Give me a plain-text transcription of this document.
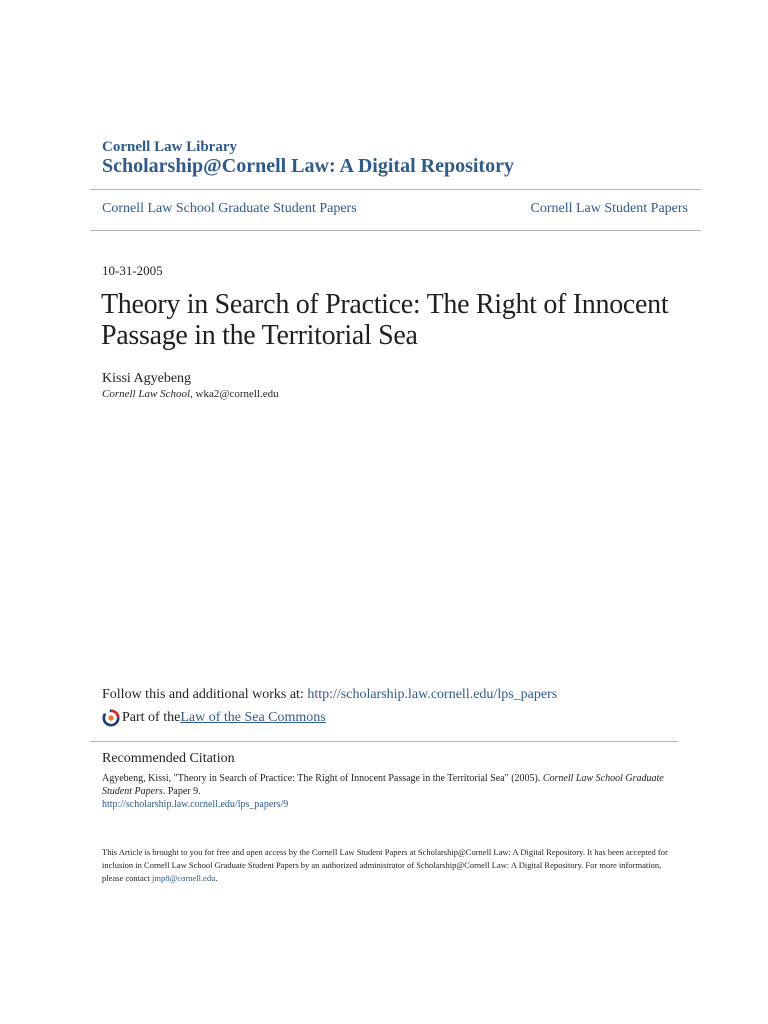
Cornell Law Library
Scholarship@Cornell Law: A Digital Repository
Cornell Law School Graduate Student Papers	Cornell Law Student Papers
10-31-2005
Theory in Search of Practice: The Right of Innocent Passage in the Territorial Sea
Kissi Agyebeng
Cornell Law School, wka2@cornell.edu
Follow this and additional works at: http://scholarship.law.cornell.edu/lps_papers
Part of the Law of the Sea Commons
Recommended Citation
Agyebeng, Kissi, "Theory in Search of Practice: The Right of Innocent Passage in the Territorial Sea" (2005). Cornell Law School Graduate Student Papers. Paper 9.
http://scholarship.law.cornell.edu/lps_papers/9
This Article is brought to you for free and open access by the Cornell Law Student Papers at Scholarship@Cornell Law: A Digital Repository. It has been accepted for inclusion in Cornell Law School Graduate Student Papers by an authorized administrator of Scholarship@Cornell Law: A Digital Repository. For more information, please contact jmp8@cornell.edu.
